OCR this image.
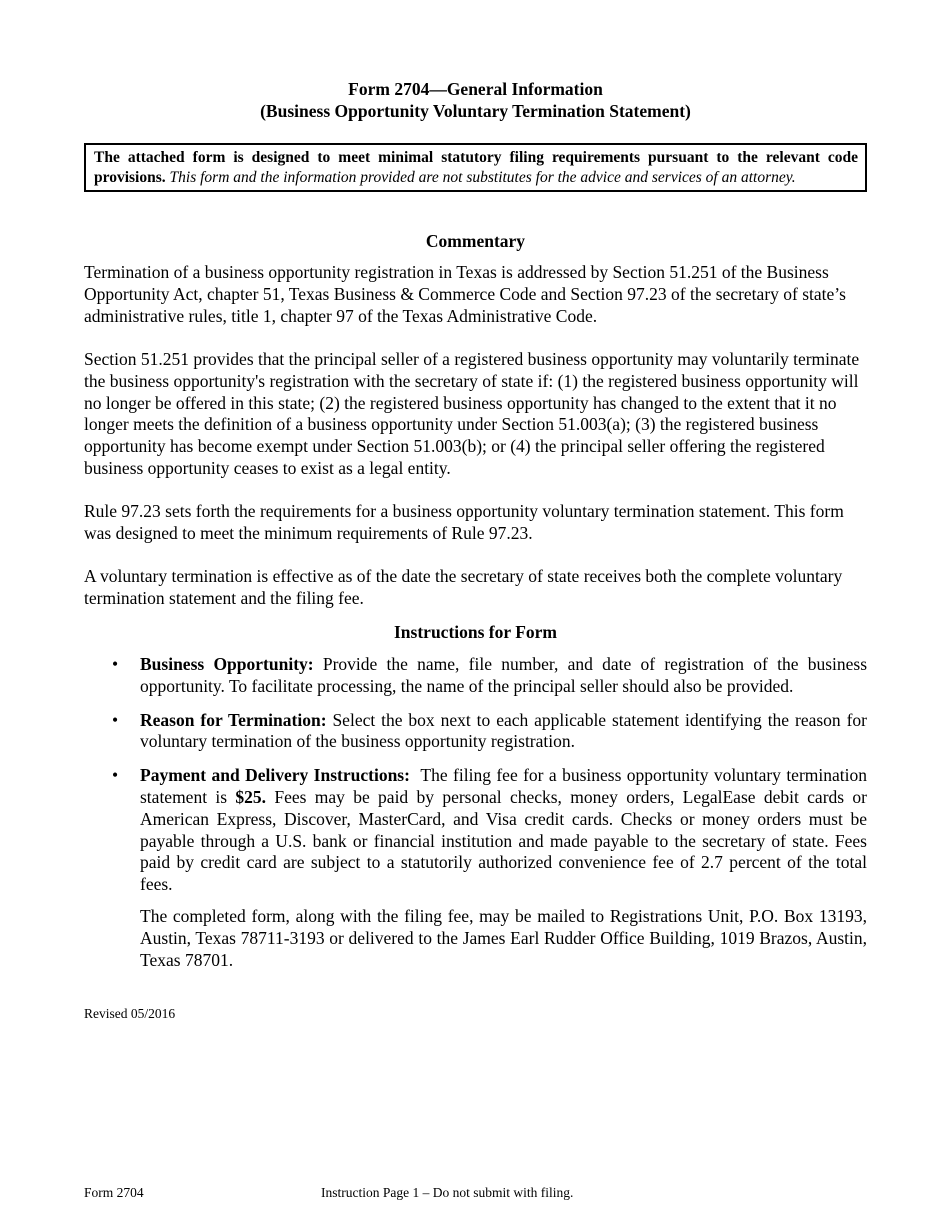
Form 2704—General Information
(Business Opportunity Voluntary Termination Statement)
The attached form is designed to meet minimal statutory filing requirements pursuant to the relevant code provisions. This form and the information provided are not substitutes for the advice and services of an attorney.
Commentary
Termination of a business opportunity registration in Texas is addressed by Section 51.251 of the Business Opportunity Act, chapter 51, Texas Business & Commerce Code and Section 97.23 of the secretary of state’s administrative rules, title 1, chapter 97 of the Texas Administrative Code.
Section 51.251 provides that the principal seller of a registered business opportunity may voluntarily terminate the business opportunity's registration with the secretary of state if: (1) the registered business opportunity will no longer be offered in this state; (2) the registered business opportunity has changed to the extent that it no longer meets the definition of a business opportunity under Section 51.003(a); (3) the registered business opportunity has become exempt under Section 51.003(b); or (4) the principal seller offering the registered business opportunity ceases to exist as a legal entity.
Rule 97.23 sets forth the requirements for a business opportunity voluntary termination statement. This form was designed to meet the minimum requirements of Rule 97.23.
A voluntary termination is effective as of the date the secretary of state receives both the complete voluntary termination statement and the filing fee.
Instructions for Form
• Business Opportunity: Provide the name, file number, and date of registration of the business opportunity. To facilitate processing, the name of the principal seller should also be provided.
• Reason for Termination: Select the box next to each applicable statement identifying the reason for voluntary termination of the business opportunity registration.
• Payment and Delivery Instructions: The filing fee for a business opportunity voluntary termination statement is $25. Fees may be paid by personal checks, money orders, LegalEase debit cards or American Express, Discover, MasterCard, and Visa credit cards. Checks or money orders must be payable through a U.S. bank or financial institution and made payable to the secretary of state. Fees paid by credit card are subject to a statutorily authorized convenience fee of 2.7 percent of the total fees.
The completed form, along with the filing fee, may be mailed to Registrations Unit, P.O. Box 13193, Austin, Texas 78711-3193 or delivered to the James Earl Rudder Office Building, 1019 Brazos, Austin, Texas 78701.
Revised 05/2016
Form 2704	Instruction Page 1 – Do not submit with filing.
